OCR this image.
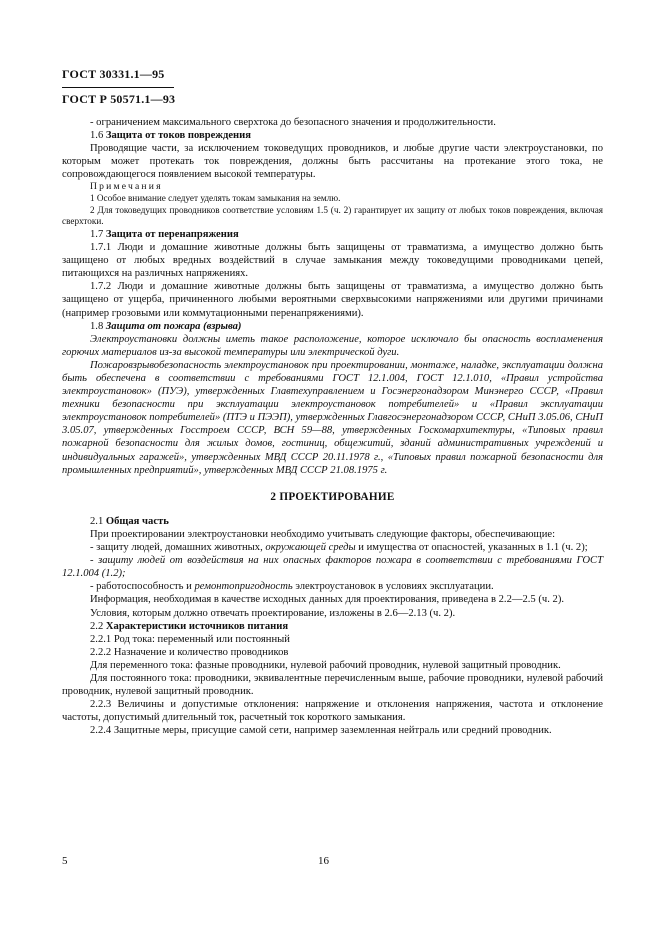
ГОСТ 30331.1—95
ГОСТ Р 50571.1—93

- ограничением максимального сверхтока до безопасного значения и продолжительности.

1.6 Защита от токов повреждения

Проводящие части, за исключением токоведущих проводников, и любые другие части электроустановки, по которым может протекать ток повреждения, должны быть рассчитаны на протекание этого тока, не сопровождающегося появлением высокой температуры.

Примечания

1 Особое внимание следует уделять токам замыкания на землю.

2 Для токоведущих проводников соответствие условиям 1.5 (ч. 2) гарантирует их защиту от любых токов повреждения, включая сверхтоки.

1.7 Защита от перенапряжения

1.7.1 Люди и домашние животные должны быть защищены от травматизма, а имущество должно быть защищено от любых вредных воздействий в случае замыкания между токоведущими проводниками цепей, питающихся на различных напряжениях.

1.7.2 Люди и домашние животные должны быть защищены от травматизма, а имущество должно быть защищено от ущерба, причиненного любыми вероятными сверхвысокими напряжениями или другими причинами (например грозовыми или коммутационными перенапряжениями).

1.8 Защита от пожара (взрыва)

Электроустановки должны иметь такое расположение, которое исключало бы опасность воспламенения горючих материалов из-за высокой температуры или электрической дуги.

Пожаровзрывобезопасность электроустановок при проектировании, монтаже, наладке, эксплуатации должна быть обеспечена в соответствии с требованиями ГОСТ 12.1.004, ГОСТ 12.1.010, «Правил устройства электроустановок» (ПУЭ), утвержденных Главтехуправлением и Госэнергонадзором Минэнерго СССР, «Правил техники безопасности при эксплуатации электроустановок потребителей» и «Правил эксплуатации электроустановок потребителей» (ПТЭ и ПЭЭП), утвержденных Главгосэнергонадзором СССР, СНиП 3.05.06, СНиП 3.05.07, утвержденных Госстроем СССР, ВСН 59—88, утвержденных Госкомархитектуры, «Типовых правил пожарной безопасности для жилых домов, гостиниц, общежитий, зданий административных учреждений и индивидуальных гаражей», утвержденных МВД СССР 20.11.1978 г., «Типовых правил пожарной безопасности для промышленных предприятий», утвержденных МВД СССР 21.08.1975 г.

2 ПРОЕКТИРОВАНИЕ

2.1 Общая часть

При проектировании электроустановки необходимо учитывать следующие факторы, обеспечивающие:

- защиту людей, домашних животных, окружающей среды и имущества от опасностей, указанных в 1.1 (ч. 2);

- защиту людей от воздействия на них опасных факторов пожара в соответствии с требованиями ГОСТ 12.1.004 (1.2);

- работоспособность и ремонтопригодность электроустановок в условиях эксплуатации.

Информация, необходимая в качестве исходных данных для проектирования, приведена в 2.2—2.5 (ч. 2).

Условия, которым должно отвечать проектирование, изложены в 2.6—2.13 (ч. 2).

2.2 Характеристики источников питания

2.2.1 Род тока: переменный или постоянный

2.2.2 Назначение и количество проводников

Для переменного тока: фазные проводники, нулевой рабочий проводник, нулевой защитный проводник.

Для постоянного тока: проводники, эквивалентные перечисленным выше, рабочие проводники, нулевой рабочий проводник, нулевой защитный проводник.

2.2.3 Величины и допустимые отклонения: напряжение и отклонения напряжения, частота и отклонение частоты, допустимый длительный ток, расчетный ток короткого замыкания.

2.2.4 Защитные меры, присущие самой сети, например заземленная нейтраль или средний проводник.

5	16
